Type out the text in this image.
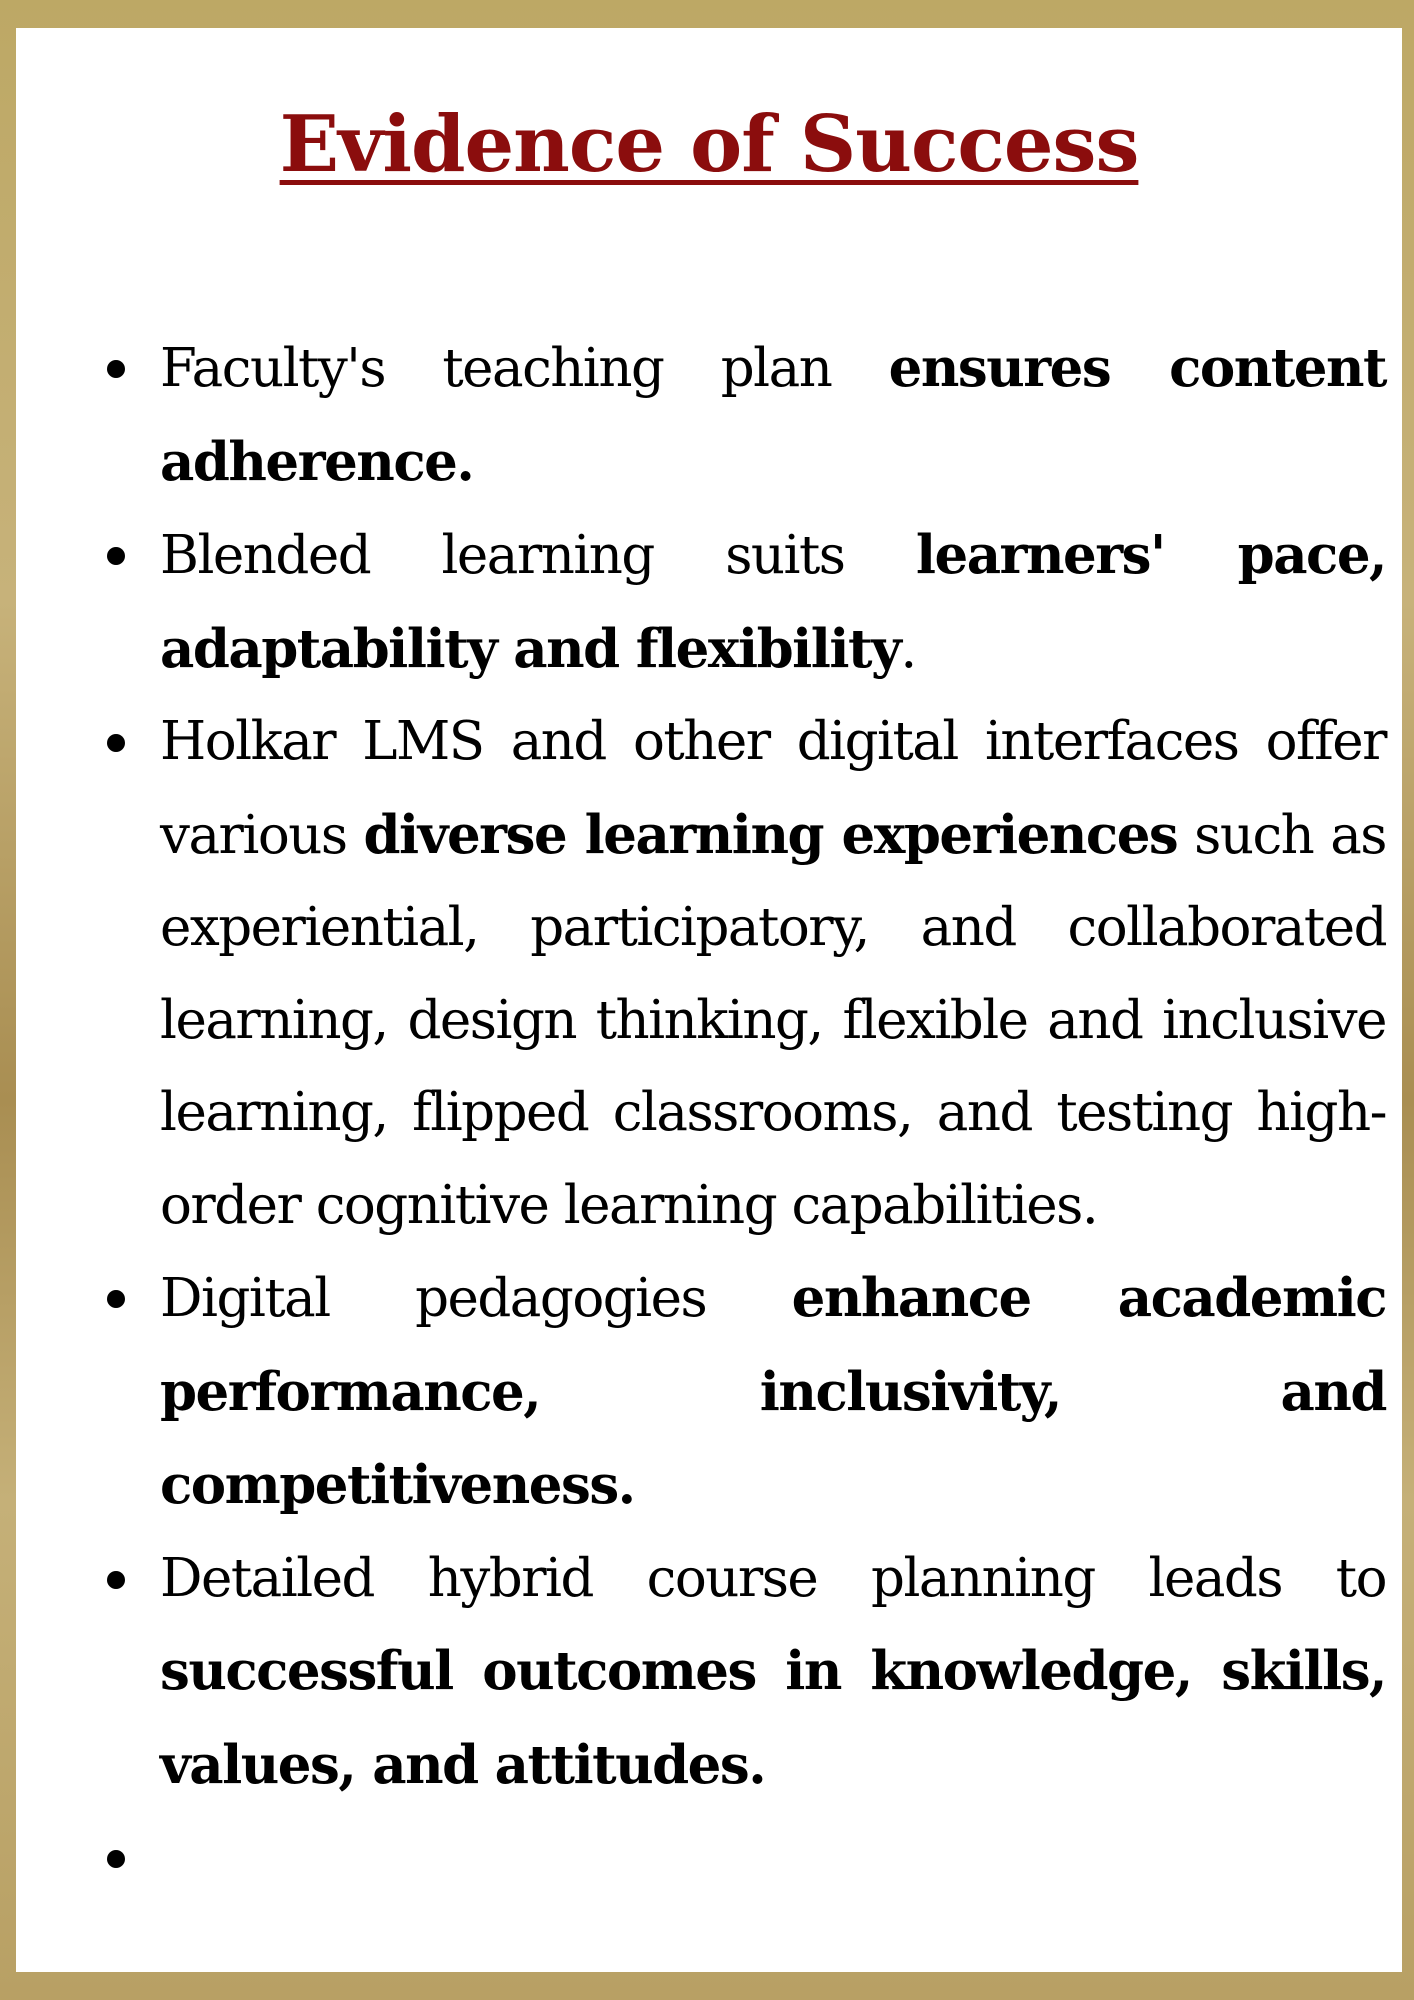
Evidence of Success
Faculty's teaching plan ensures content adherence.
Blended learning suits learners' pace, adaptability and flexibility.
Holkar LMS and other digital interfaces offer various diverse learning experiences such as experiential, participatory, and collaborated learning, design thinking, flexible and inclusive learning, flipped classrooms, and testing high-order cognitive learning capabilities.
Digital pedagogies enhance academic performance, inclusivity, and competitiveness.
Detailed hybrid course planning leads to successful outcomes in knowledge, skills, values, and attitudes.
